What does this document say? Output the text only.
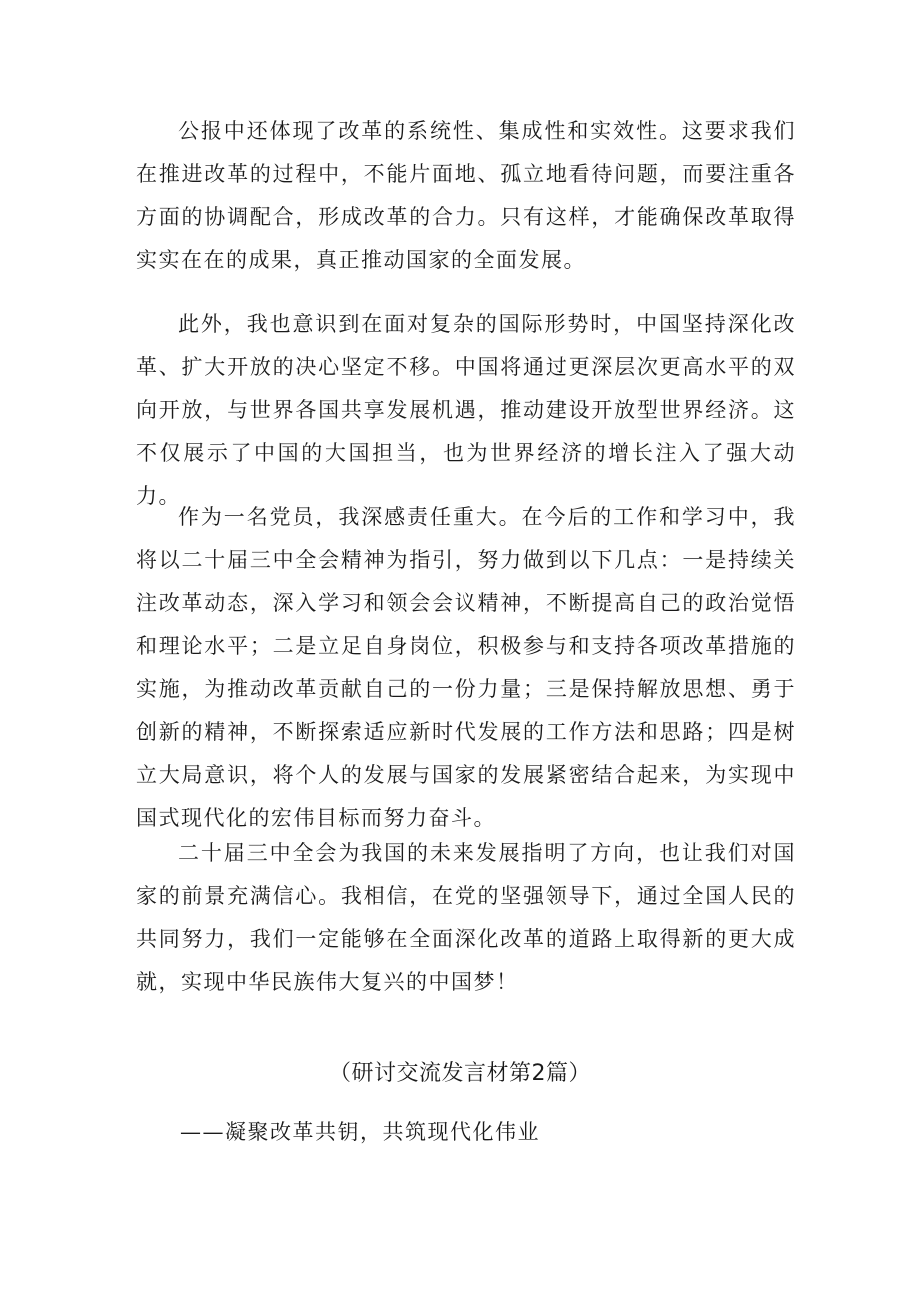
公报中还体现了改革的系统性、集成性和实效性。这要求我们在推进改革的过程中，不能片面地、孤立地看待问题，而要注重各方面的协调配合，形成改革的合力。只有这样，才能确保改革取得实实在在的成果，真正推动国家的全面发展。

此外，我也意识到在面对复杂的国际形势时，中国坚持深化改革、扩大开放的决心坚定不移。中国将通过更深层次更高水平的双向开放，与世界各国共享发展机遇，推动建设开放型世界经济。这不仅展示了中国的大国担当，也为世界经济的增长注入了强大动力。

作为一名党员，我深感责任重大。在今后的工作和学习中，我将以二十届三中全会精神为指引，努力做到以下几点：一是持续关注改革动态，深入学习和领会会议精神，不断提高自己的政治觉悟和理论水平；二是立足自身岗位，积极参与和支持各项改革措施的实施，为推动改革贡献自己的一份力量；三是保持解放思想、勇于创新的精神，不断探索适应新时代发展的工作方法和思路；四是树立大局意识，将个人的发展与国家的发展紧密结合起来，为实现中国式现代化的宏伟目标而努力奋斗。

二十届三中全会为我国的未来发展指明了方向，也让我们对国家的前景充满信心。我相信，在党的坚强领导下，通过全国人民的共同努力，我们一定能够在全面深化改革的道路上取得新的更大成就，实现中华民族伟大复兴的中国梦！

（研讨交流发言材第2篇）
——凝聚改革共钥，共筑现代化伟业
